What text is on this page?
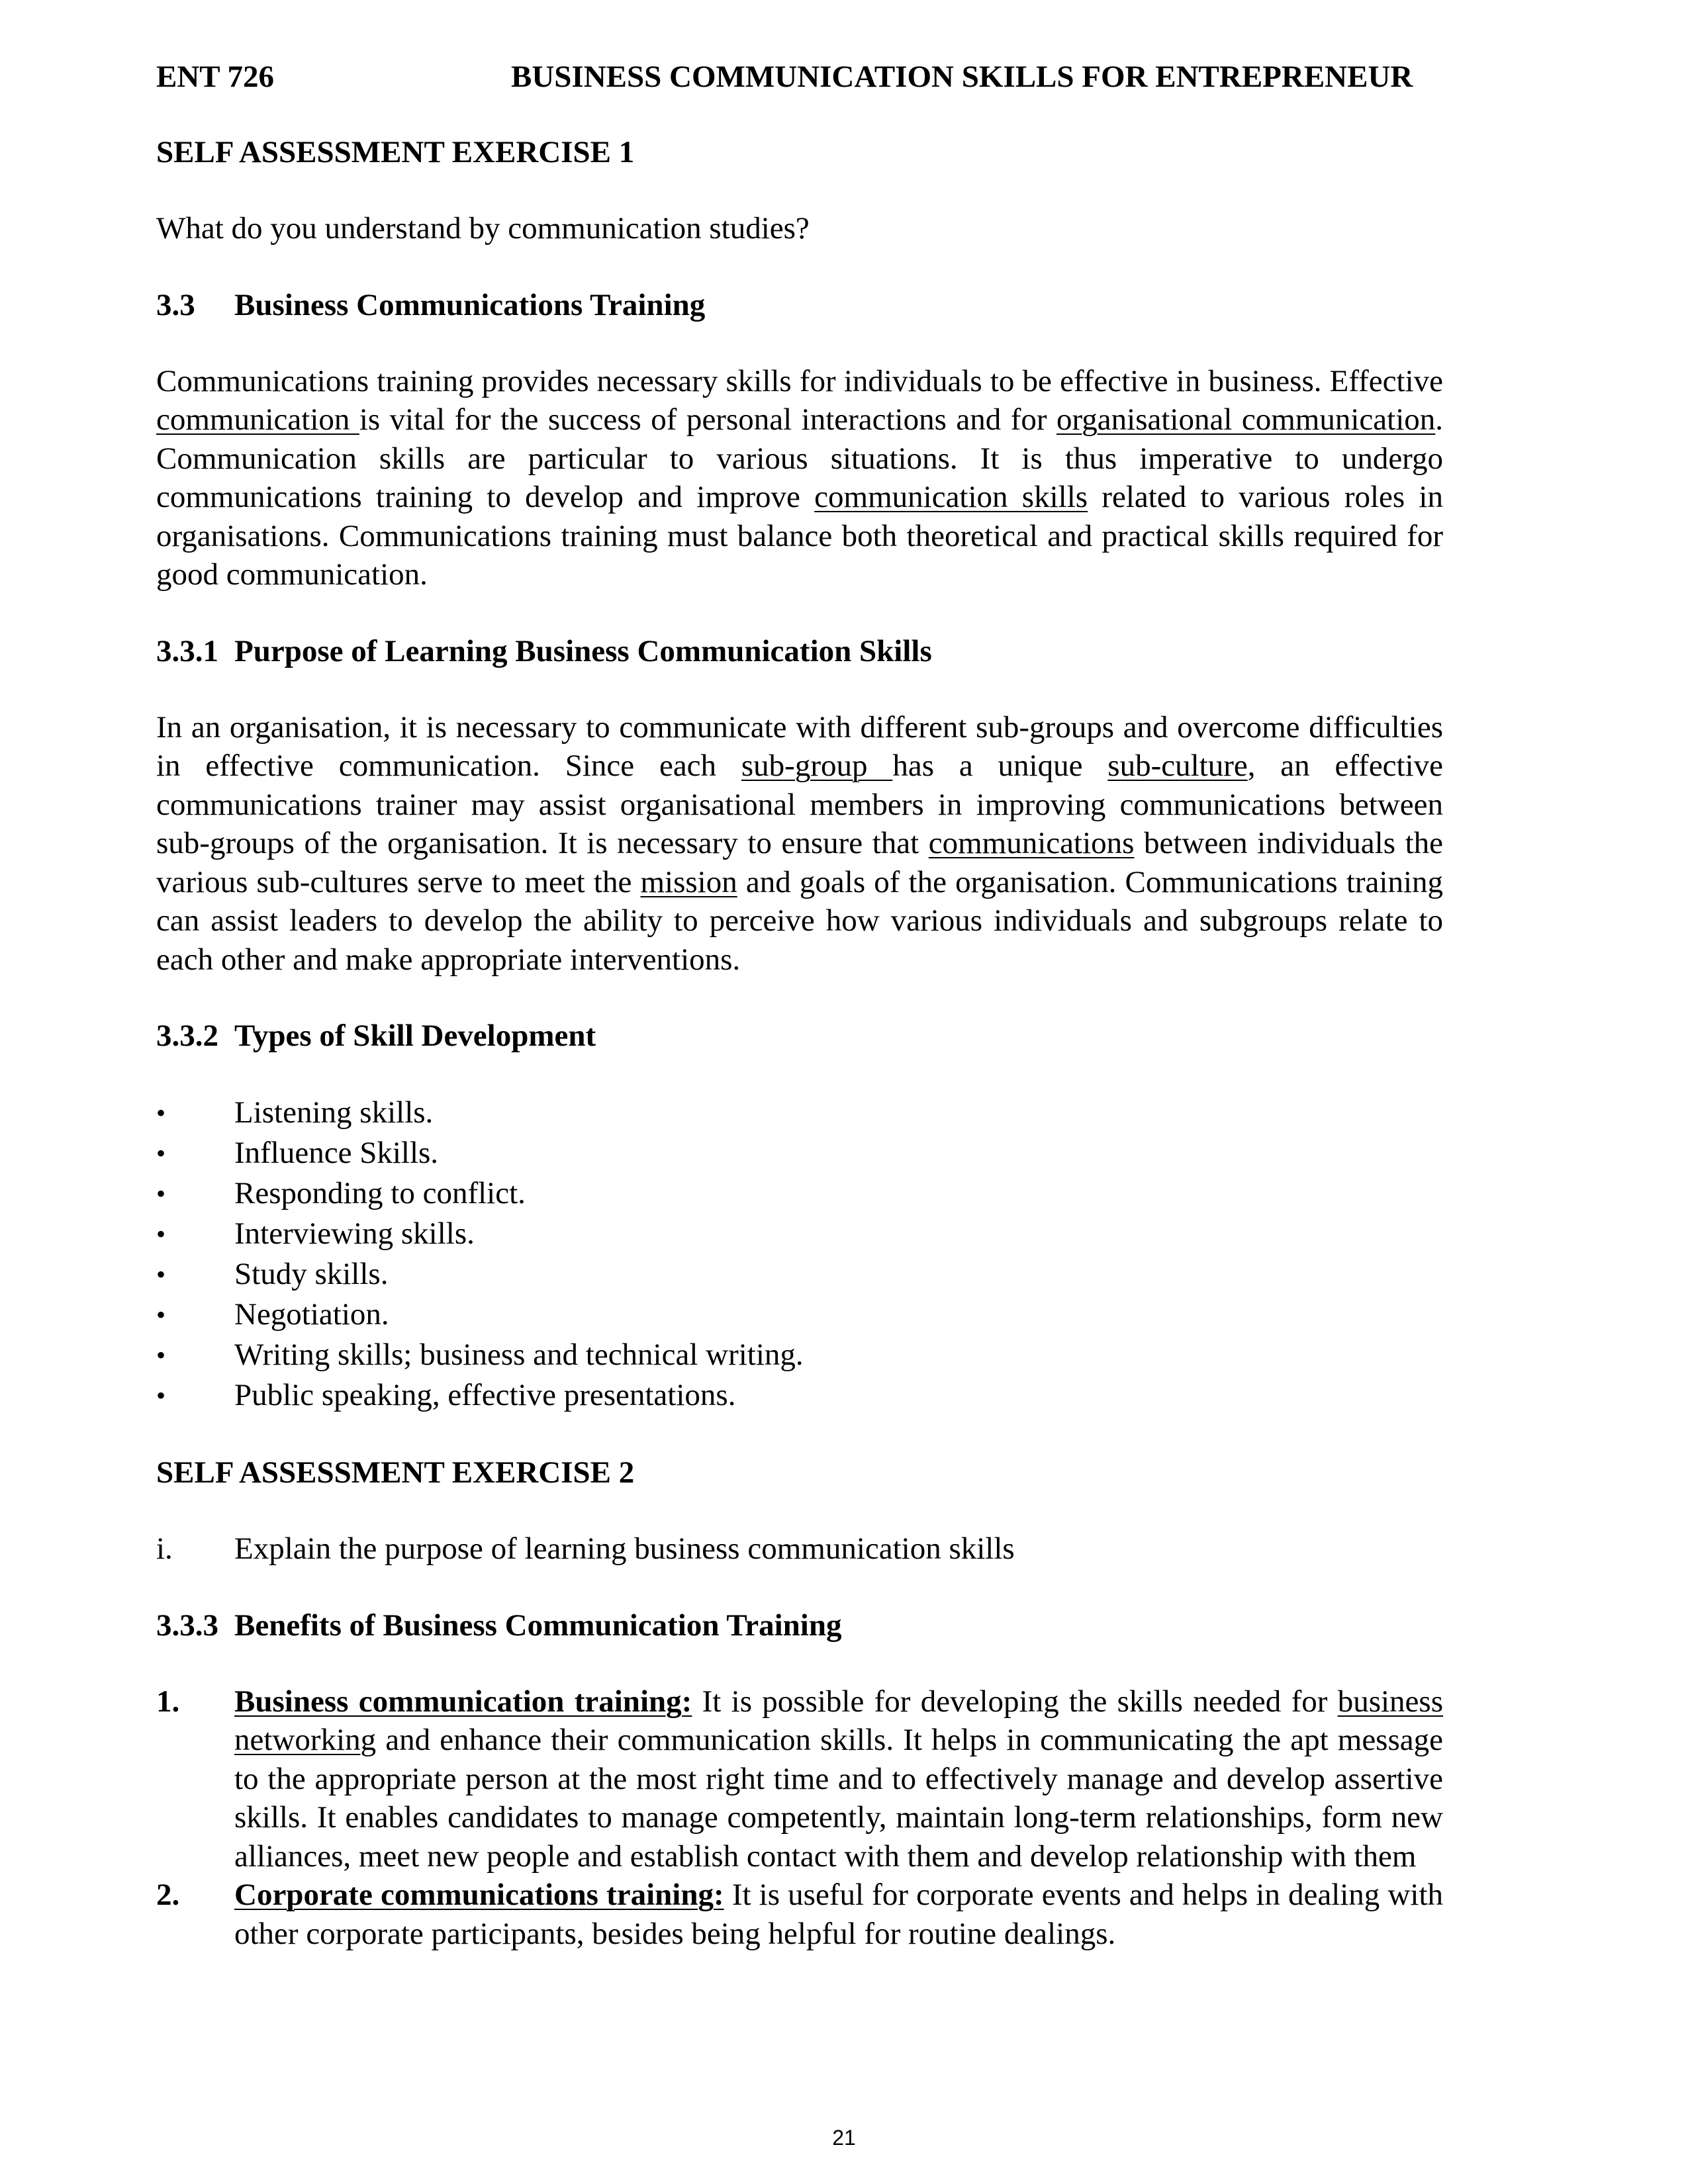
ENT 726	BUSINESS COMMUNICATION SKILLS FOR ENTREPRENEUR
SELF ASSESSMENT EXERCISE 1

What do you understand by communication studies?

3.3	Business Communications Training

Communications training provides necessary skills for individuals to be effective in business. Effective communication is vital for the success of personal interactions and for organisational communication. Communication skills are particular to various situations. It is thus imperative to undergo communications training to develop and improve communication skills related to various roles in organisations. Communications training must balance both theoretical and practical skills required for good communication.

3.3.1 Purpose of Learning Business Communication Skills

In an organisation, it is necessary to communicate with different sub-groups and overcome difficulties in effective communication. Since each sub-group has a unique sub-culture, an effective communications trainer may assist organisational members in improving communications between sub-groups of the organisation. It is necessary to ensure that communications between individuals the various sub-cultures serve to meet the mission and goals of the organisation. Communications training can assist leaders to develop the ability to perceive how various individuals and subgroups relate to each other and make appropriate interventions.

3.3.2 Types of Skill Development
•	Listening skills.
•	Influence Skills.
•	Responding to conflict.
•	Interviewing skills.
•	Study skills.
•	Negotiation.
•	Writing skills; business and technical writing.
•	Public speaking, effective presentations.
SELF ASSESSMENT EXERCISE 2
i.	Explain the purpose of learning business communication skills
3.3.3 Benefits of Business Communication Training
1.	Business communication training: It is possible for developing the skills needed for business networking and enhance their communication skills. It helps in communicating the apt message to the appropriate person at the most right time and to effectively manage and develop assertive skills. It enables candidates to manage competently, maintain long-term relationships, form new alliances, meet new people and establish contact with them and develop relationship with them
2.	Corporate communications training: It is useful for corporate events and helps in dealing with other corporate participants, besides being helpful for routine dealings.
21
